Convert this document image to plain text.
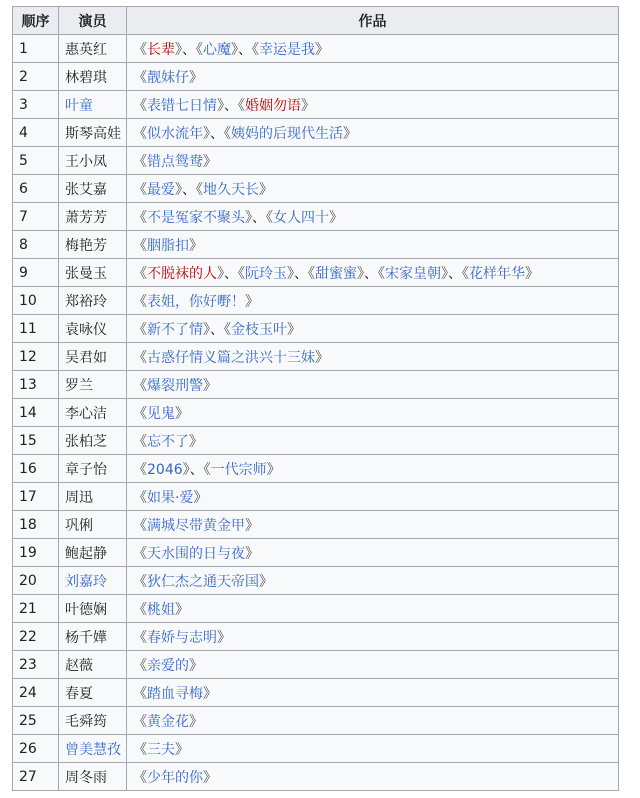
顺序	演员	作品
1	惠英红	《长辈》、《心魔》、《幸运是我》
2	林碧琪	《靓妹仔》
3	叶童	《表错七日情》、《婚姻勿语》
4	斯琴高娃	《似水流年》、《姨妈的后现代生活》
5	王小凤	《错点鸳鸯》
6	张艾嘉	《最爱》、《地久天长》
7	萧芳芳	《不是冤家不聚头》、《女人四十》
8	梅艳芳	《胭脂扣》
9	张曼玉	《不脱袜的人》、《阮玲玉》、《甜蜜蜜》、《宋家皇朝》、《花样年华》
10	郑裕玲	《表姐，你好嘢！》
11	袁咏仪	《新不了情》、《金枝玉叶》
12	吴君如	《古惑仔情义篇之洪兴十三妹》
13	罗兰	《爆裂刑警》
14	李心洁	《见鬼》
15	张柏芝	《忘不了》
16	章子怡	《2046》、《一代宗师》
17	周迅	《如果·爱》
18	巩俐	《满城尽带黄金甲》
19	鲍起静	《天水围的日与夜》
20	刘嘉玲	《狄仁杰之通天帝国》
21	叶德娴	《桃姐》
22	杨千嬅	《春娇与志明》
23	赵薇	《亲爱的》
24	春夏	《踏血寻梅》
25	毛舜筠	《黄金花》
26	曾美慧孜	《三夫》
27	周冬雨	《少年的你》
